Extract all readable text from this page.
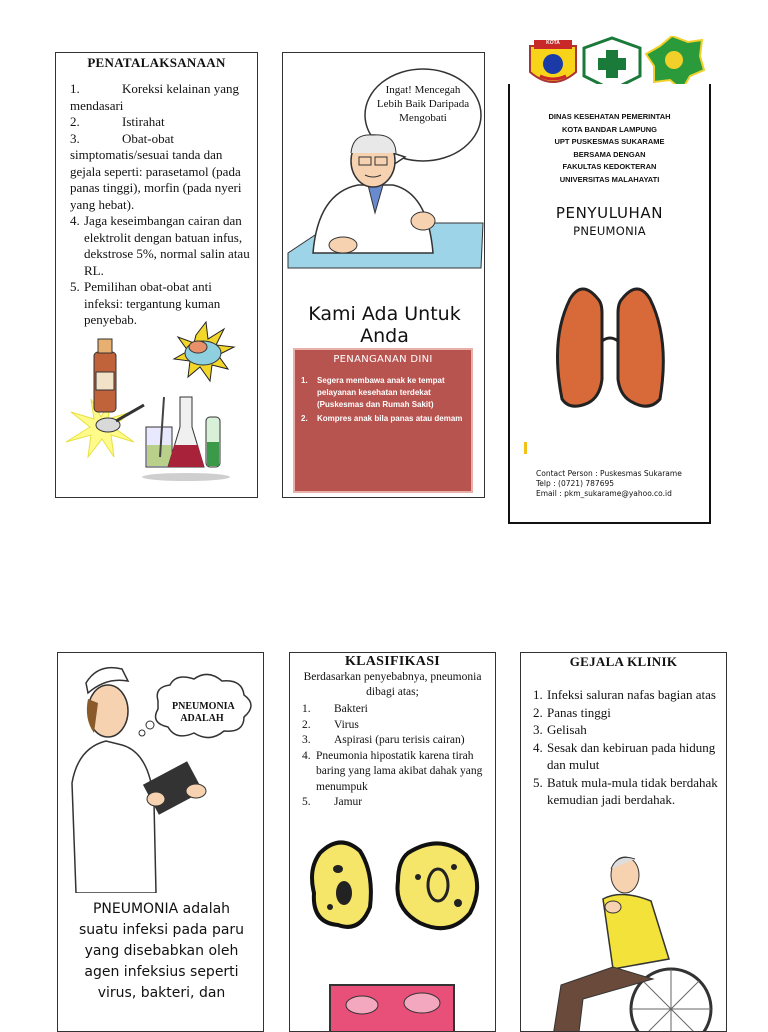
PENATALAKSANAAN
1.	Koreksi kelainan yang
mendasari
2.	Istirahat
3.	Obat-obat
simptomatis/sesuai tanda dan gejala seperti: parasetamol (pada panas tinggi), morfin (pada nyeri yang hebat).
4. Jaga keseimbangan cairan dan elektrolit dengan batuan infus, dekstrose 5%, normal salin atau RL.
5. Pemilihan obat-obat anti infeksi: tergantung kuman penyebab.
Ingat! Mencegah Lebih Baik Daripada Mengobati
Kami Ada Untuk Anda
PENANGANAN DINI
1. Segera membawa anak ke tempat pelayanan kesehatan terdekat (Puskesmas dan Rumah Sakit)
2. Kompres anak bila panas atau demam
KOTA
DINAS KESEHATAN PEMERINTAH
KOTA BANDAR LAMPUNG
UPT PUSKESMAS SUKARAME
BERSAMA DENGAN
FAKULTAS KEDOKTERAN
UNIVERSITAS MALAHAYATI
PENYULUHAN
PNEUMONIA
Contact Person : Puskesmas Sukarame
Telp : (0721) 787695
Email : pkm_sukarame@yahoo.co.id
PNEUMONIA ADALAH
PNEUMONIA adalah suatu infeksi pada paru yang disebabkan oleh agen infeksius seperti virus, bakteri, dan
KLASIFIKASI
Berdasarkan penyebabnya, pneumonia dibagi atas;
1. Bakteri
2. Virus
3. Aspirasi (paru terisis cairan)
4. Pneumonia hipostatik karena tirah baring yang lama akibat dahak yang menumpuk
5. Jamur
GEJALA KLINIK
1. Infeksi saluran nafas bagian atas
2. Panas tinggi
3. Gelisah
4. Sesak dan kebiruan pada hidung dan mulut
5. Batuk mula-mula tidak berdahak kemudian jadi berdahak.
